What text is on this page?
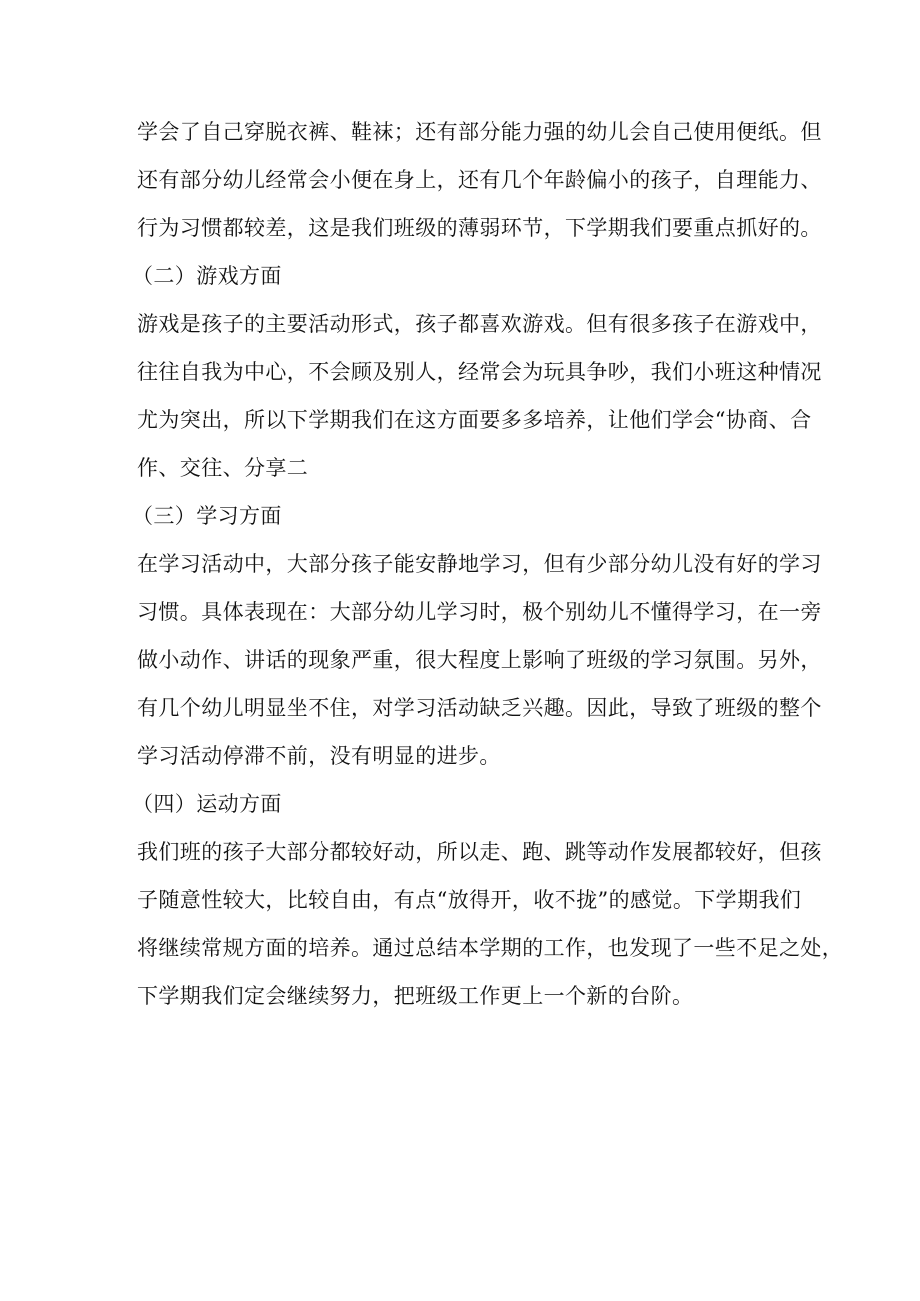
学会了自己穿脱衣裤、鞋袜；还有部分能力强的幼儿会自己使用便纸。但
还有部分幼儿经常会小便在身上，还有几个年龄偏小的孩子，自理能力、
行为习惯都较差，这是我们班级的薄弱环节，下学期我们要重点抓好的。
（二）游戏方面
游戏是孩子的主要活动形式，孩子都喜欢游戏。但有很多孩子在游戏中，
往往自我为中心，不会顾及别人，经常会为玩具争吵，我们小班这种情况
尤为突出，所以下学期我们在这方面要多多培养，让他们学会“协商、合
作、交往、分享二
（三）学习方面
在学习活动中，大部分孩子能安静地学习，但有少部分幼儿没有好的学习
习惯。具体表现在：大部分幼儿学习时，极个别幼儿不懂得学习，在一旁
做小动作、讲话的现象严重，很大程度上影响了班级的学习氛围。另外，
有几个幼儿明显坐不住，对学习活动缺乏兴趣。因此，导致了班级的整个
学习活动停滞不前，没有明显的进步。
（四）运动方面
我们班的孩子大部分都较好动，所以走、跑、跳等动作发展都较好，但孩
子随意性较大，比较自由，有点“放得开，收不拢”的感觉。下学期我们
将继续常规方面的培养。通过总结本学期的工作，也发现了一些不足之处，
下学期我们定会继续努力，把班级工作更上一个新的台阶。
